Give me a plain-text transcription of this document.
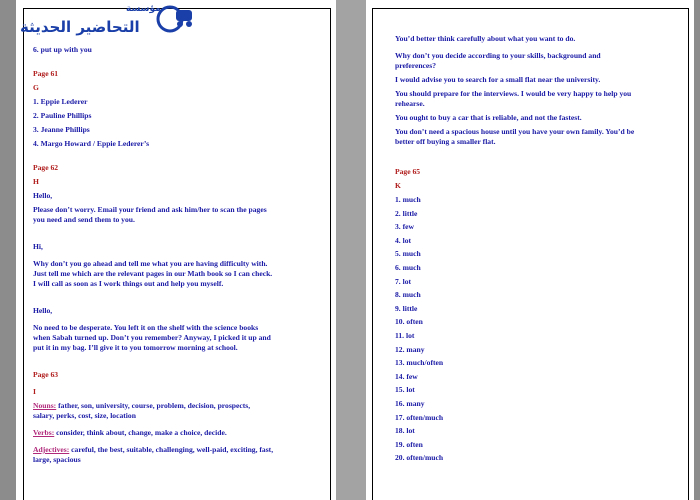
6. put up with you

Page 61

G

1. Eppie Lederer

2. Pauline Phillips

3. Jeanne Phillips

4. Margo Howard / Eppie Lederer’s

Page 62

H

Hello,

Please don’t worry. Email your friend and ask him/her to scan the pages

you need and send them to you.

Hi,

Why don’t you go ahead and tell me what you are having difficulty with.

Just tell me which are the relevant pages in our Math book so I can check.

I will call as soon as I work things out and help you myself.

Hello,

No need to be desperate. You left it on the shelf with the science books

when Sabah turned up. Don’t you remember? Anyway, I picked it up and

put it in my bag. I’ll give it to you tomorrow morning at school.

Page 63

I

Nouns: father, son, university, course, problem, decision, prospects,

salary, perks, cost, size, location

Verbs: consider, think about, change, make a choice, decide.

Adjectives: careful, the best, suitable, challenging, well-paid, exciting, fast,

large, spacious

مؤسسة
التحاضير الحديثة

You’d better think carefully about what you want to do.

Why don’t you decide according to your skills, background and

preferences?

I would advise you to search for a small flat near the university.

You should prepare for the interviews. I would be very happy to help you

rehearse.

You ought to buy a car that is reliable, and not the fastest.

You don’t need a spacious house until you have your own family. You’d be

better off buying a smaller flat.

Page 65

K

1. much

2. little

3. few

4. lot

5. much

6. much

7. lot

8. much

9. little

10. often

11. lot

12. many

13. much/often

14. few

15. lot

16. many

17. often/much

18. lot

19. often

20. often/much
